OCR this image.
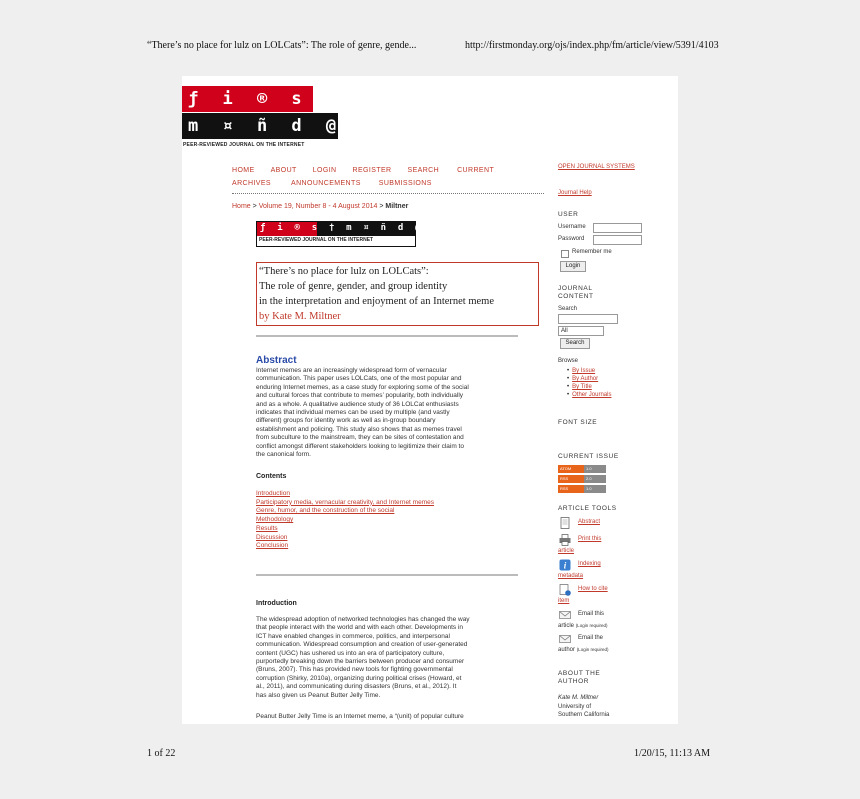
“There’s no place for lulz on LOLCats”: The role of genre, gende...	http://firstmonday.org/ojs/index.php/fm/article/view/5391/4103
ƒ i ® s †
m ¤ ñ d @ ¥
PEER-REVIEWED JOURNAL ON THE INTERNET
HOME ABOUT LOGIN REGISTER SEARCH	CURRENT
ARCHIVES	ANNOUNCEMENTS	SUBMISSIONS
Home > Volume 19, Number 8 - 4 August 2014 > Miltner
ƒ i ® s † m ¤ ñ d @ ¥
PEER-REVIEWED JOURNAL ON THE INTERNET
“There’s no place for lulz on LOLCats”:
The role of genre, gender, and group identity
in the interpretation and enjoyment of an Internet meme
by Kate M. Miltner
Abstract
Internet memes are an increasingly widespread form of vernacular
communication. This paper uses LOLCats, one of the most popular and
enduring Internet memes, as a case study for exploring some of the social
and cultural forces that contribute to memes’ popularity, both individually
and as a whole. A qualitative audience study of 36 LOLCat enthusiasts
indicates that individual memes can be used by multiple (and vastly
different) groups for identity work as well as in-group boundary
establishment and policing. This study also shows that as memes travel
from subculture to the mainstream, they can be sites of contestation and
conflict amongst different stakeholders looking to legitimize their claim to
the canonical form.
Contents
Introduction
Participatory media, vernacular creativity, and Internet memes
Genre, humor, and the construction of the social
Methodology
Results
Discussion
Conclusion
Introduction
The widespread adoption of networked technologies has changed the way
that people interact with the world and with each other. Developments in
ICT have enabled changes in commerce, politics, and interpersonal
communication. Widespread consumption and creation of user-generated
content (UGC) has ushered us into an era of participatory culture,
purportedly breaking down the barriers between producer and consumer
(Bruns, 2007). This has provided new tools for fighting governmental
corruption (Shirky, 2010a), organizing during political crises (Howard, et
al., 2011), and communicating during disasters (Bruns, et al., 2012). It
has also given us Peanut Butter Jelly Time.
Peanut Butter Jelly Time is an Internet meme, a “(unit) of popular culture
OPEN JOURNAL SYSTEMS
Journal Help
USER
Username
Password
Remember me
Login
JOURNAL
CONTENT
Search
All
Search
Browse
• By Issue
• By Author
• By Title
• Other Journals
FONT SIZE
CURRENT ISSUE
ATOM	1.0
RSS	2.0
RSS	1.0
ARTICLE TOOLS
Abstract
Print this
article
i Indexing
metadata
How to cite
item
Email this
article (Login required)
Email the
author (Login required)
ABOUT THE
AUTHOR
Kate M. Miltner
University of
Southern California
1 of 22	1/20/15, 11:13 AM
